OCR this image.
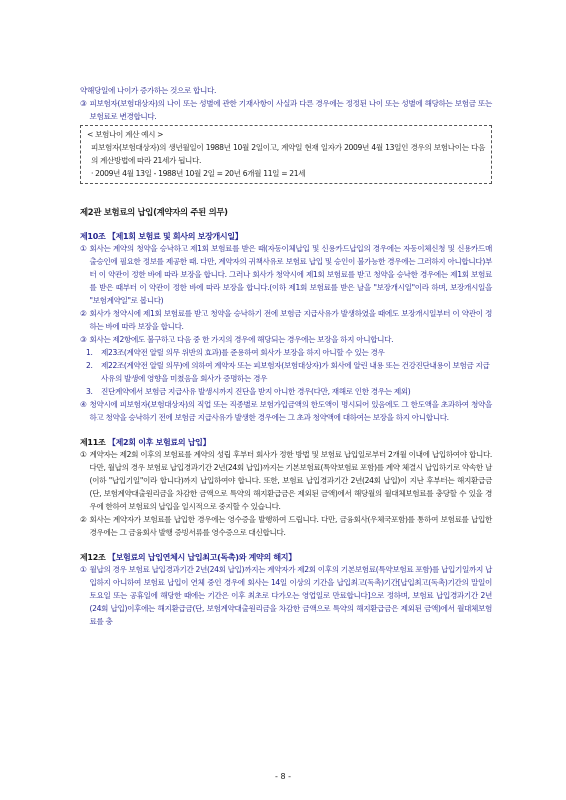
약해당일에 나이가 증가하는 것으로 합니다.

③ 피보험자(보험대상자)의 나이 또는 성별에 관한 기재사항이 사실과 다른 경우에는 정정된 나이 또는 성별에 해당하는 보험금 또는 보험료로 변경합니다.

< 보험나이 계산 예시 >

피보험자(보험대상자)의 생년월일이 1988년 10월 2일이고, 계약일 현재 일자가 2009년 4월 13일인 경우의 보험나이는 다음의 계산방법에 따라 21세가 됩니다.

· 2009년 4월 13일 - 1988년 10월 2일 = 20년 6개월 11일 = 21세

제2관 보험료의 납입(계약자의 주된 의무)

제10조 【제1회 보험료 및 회사의 보장개시일】

① 회사는 계약의 청약을 승낙하고 제1회 보험료를 받은 때(자동이체납입 및 신용카드납입의 경우에는 자동이체신청 및 신용카드매출승인에 필요한 정보를 제공한 때. 다만, 계약자의 귀책사유로 보험료 납입 및 승인이 불가능한 경우에는 그러하지 아니합니다)부터 이 약관이 정한 바에 따라 보장을 합니다. 그러나 회사가 청약시에 제1회 보험료를 받고 청약을 승낙한 경우에는 제1회 보험료를 받은 때부터 이 약관이 정한 바에 따라 보장을 합니다.(이하 제1회 보험료를 받은 날을 "보장개시일"이라 하며, 보장개시일을 "보험계약일"로 봅니다)
② 회사가 청약시에 제1회 보험료를 받고 청약을 승낙하기 전에 보험금 지급사유가 발생하였을 때에도 보장개시일부터 이 약관이 정하는 바에 따라 보장을 합니다.
③ 회사는 제2항에도 불구하고 다음 중 한 가지의 경우에 해당되는 경우에는 보장을 하지 아니합니다.
1.	제23조(계약전 알릴 의무 위반의 효과)를 준용하여 회사가 보장을 하지 아니할 수 있는 경우
2.	제22조(계약전 알릴 의무)에 의하여 계약자 또는 피보험자(보험대상자)가 회사에 알린 내용 또는 건강진단내용이 보험금 지급사유의 발생에 영향을 미쳤음을 회사가 증명하는 경우
3.	진단계약에서 보험금 지급사유 발생시까지 진단을 받지 아니한 경우(다만, 재해로 인한 경우는 제외)
④ 청약시에 피보험자(보험대상자)의 직업 또는 직종별로 보험가입금액의 한도액이 명시되어 있음에도 그 한도액을 초과하여 청약을 하고 청약을 승낙하기 전에 보험금 지급사유가 발생한 경우에는 그 초과 청약액에 대하여는 보장을 하지 아니합니다.

제11조 【제2회 이후 보험료의 납입】

① 계약자는 제2회 이후의 보험료를 계약의 성립 후부터 회사가 정한 방법 및 보험료 납입일로부터 2개월 이내에 납입하여야 합니다. 다만, 월납의 경우 보험료 납입경과기간 2년(24회 납입)까지는 기본보험료(특약보험료 포함)를 계약 체결시 납입하기로 약속한 날(이하 "납입기일"이라 합니다)까지 납입하여야 합니다. 또한, 보험료 납입경과기간 2년(24회 납입)이 지난 후부터는 해지환급금(단, 보험계약대출원리금을 차감한 금액으로 특약의 해지환급금은 제외된 금액)에서 해당월의 월대체보험료를 충당할 수 있을 경우에 한하여 보험료의 납입을 일시적으로 중지할 수 있습니다.
② 회사는 계약자가 보험료를 납입한 경우에는 영수증을 발행하여 드립니다. 다만, 금융회사(우체국포함)를 통하여 보험료를 납입한 경우에는 그 금융회사 발행 증빙서류를 영수증으로 대신합니다.

제12조 【보험료의 납입연체시 납입최고(독촉)와 계약의 해지】

① 월납의 경우 보험료 납입경과기간 2년(24회 납입)까지는 계약자가 제2회 이후의 기본보험료(특약보험료 포함)를 납입기일까지 납입하지 아니하여 보험료 납입이 연체 중인 경우에 회사는 14일 이상의 기간을 납입최고(독촉)기간[납입최고(독촉)기간의 말일이 토요일 또는 공휴일에 해당한 때에는 기간은 이후 최초로 다가오는 영업일로 만료합니다]으로 정하며, 보험료 납입경과기간 2년(24회 납입)이후에는 해지환급금(단, 보험계약대출원리금을 차감한 금액으로 특약의 해지환급금은 제외된 금액)에서 월대체보험료를 충
- 8 -
